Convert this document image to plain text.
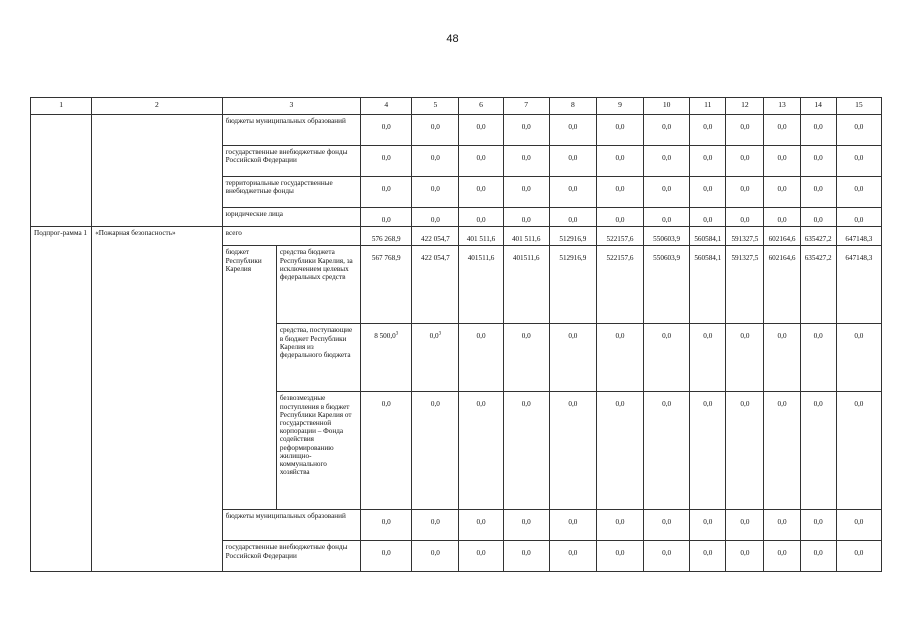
48
1	2	3		4	5	6	7	8	9	10	11	12	13	14	15
		бюджеты муниципальных образований		0,0	0,0	0,0	0,0	0,0	0,0	0,0	0,0	0,0	0,0	0,0	0,0
		государственные внебюджетные фонды Российской Федерации		0,0	0,0	0,0	0,0	0,0	0,0	0,0	0,0	0,0	0,0	0,0	0,0
		территориальные государственные внебюджетные фонды		0,0	0,0	0,0	0,0	0,0	0,0	0,0	0,0	0,0	0,0	0,0	0,0
		юридические лица		0,0	0,0	0,0	0,0	0,0	0,0	0,0	0,0	0,0	0,0	0,0	0,0
Подпрог-рамма 1	«Пожарная безопасность»	всего		576 268,9	422 054,7	401 511,6	401 511,6	512916,9	522157,6	550603,9	560584,1	591327,5	602164,6	635427,2	647148,3
		бюджет Республики Карелия	средства бюджета Республики Карелия, за исключением целевых федеральных средств	567 768,9	422 054,7	401511,6	401511,6	512916,9	522157,6	550603,9	560584,1	591327,5	602164,6	635427,2	647148,3
			средства, поступающие в бюджет Республики Карелия из федерального бюджета	8 500,0$^3$	$0,0^3$	0,0	0,0	0,0	0,0	0,0	0,0	0,0	0,0	0,0	0,0
			безвозмездные поступления в бюджет Республики Карелия от государственной корпорации – Фонда содействия реформированию жилищно-коммунального хозяйства	0,0	0,0	0,0	0,0	0,0	0,0	0,0	0,0	0,0	0,0	0,0	0,0
		бюджеты муниципальных образований		0,0	0,0	0,0	0,0	0,0	0,0	0,0	0,0	0,0	0,0	0,0	0,0
		государственные внебюджетные фонды Российской Федерации		0,0	0,0	0,0	0,0	0,0	0,0	0,0	0,0	0,0	0,0	0,0	0,0
